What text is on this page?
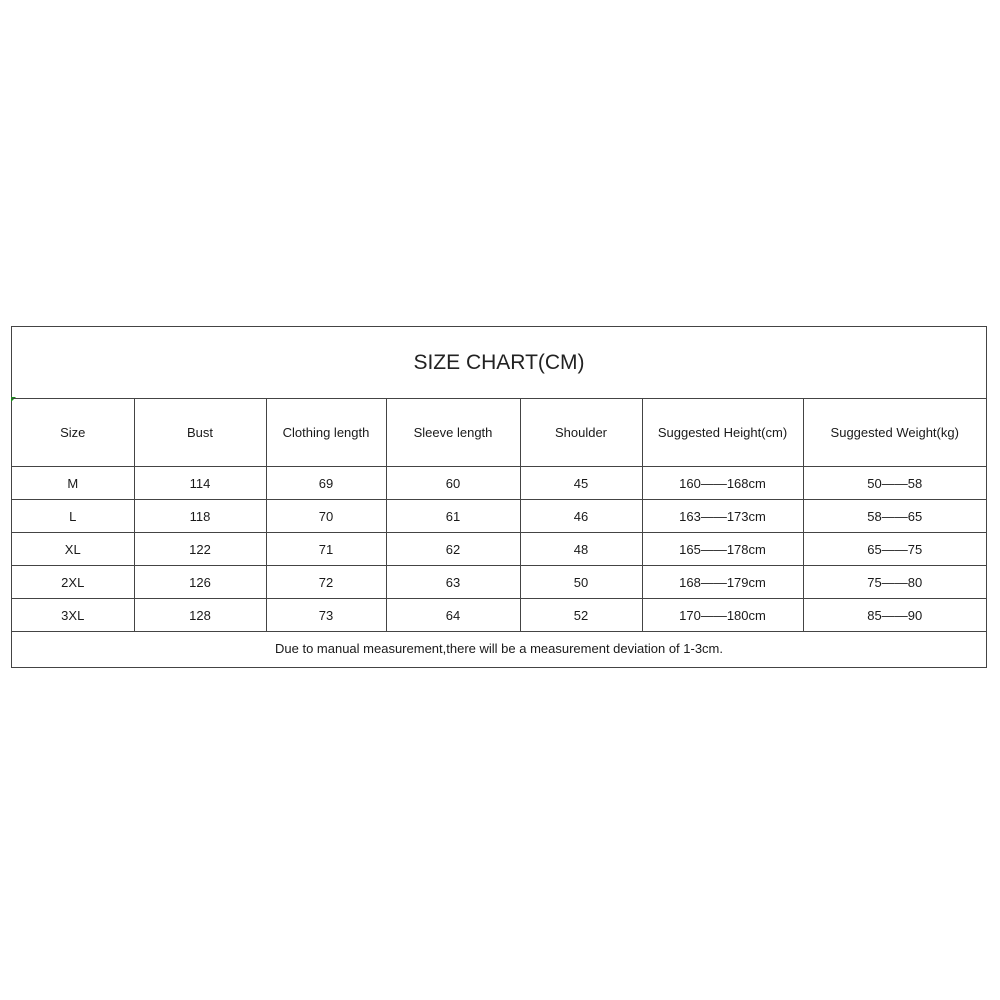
SIZE CHART(CM)
Size	Bust	Clothing length	Sleeve length	Shoulder	Suggested Height(cm)	Suggested Weight(kg)
M	114	69	60	45	160——168cm	50——58
L	118	70	61	46	163——173cm	58——65
XL	122	71	62	48	165——178cm	65——75
2XL	126	72	63	50	168——179cm	75——80
3XL	128	73	64	52	170——180cm	85——90
Due to manual measurement,there will be a measurement deviation of 1-3cm.						
